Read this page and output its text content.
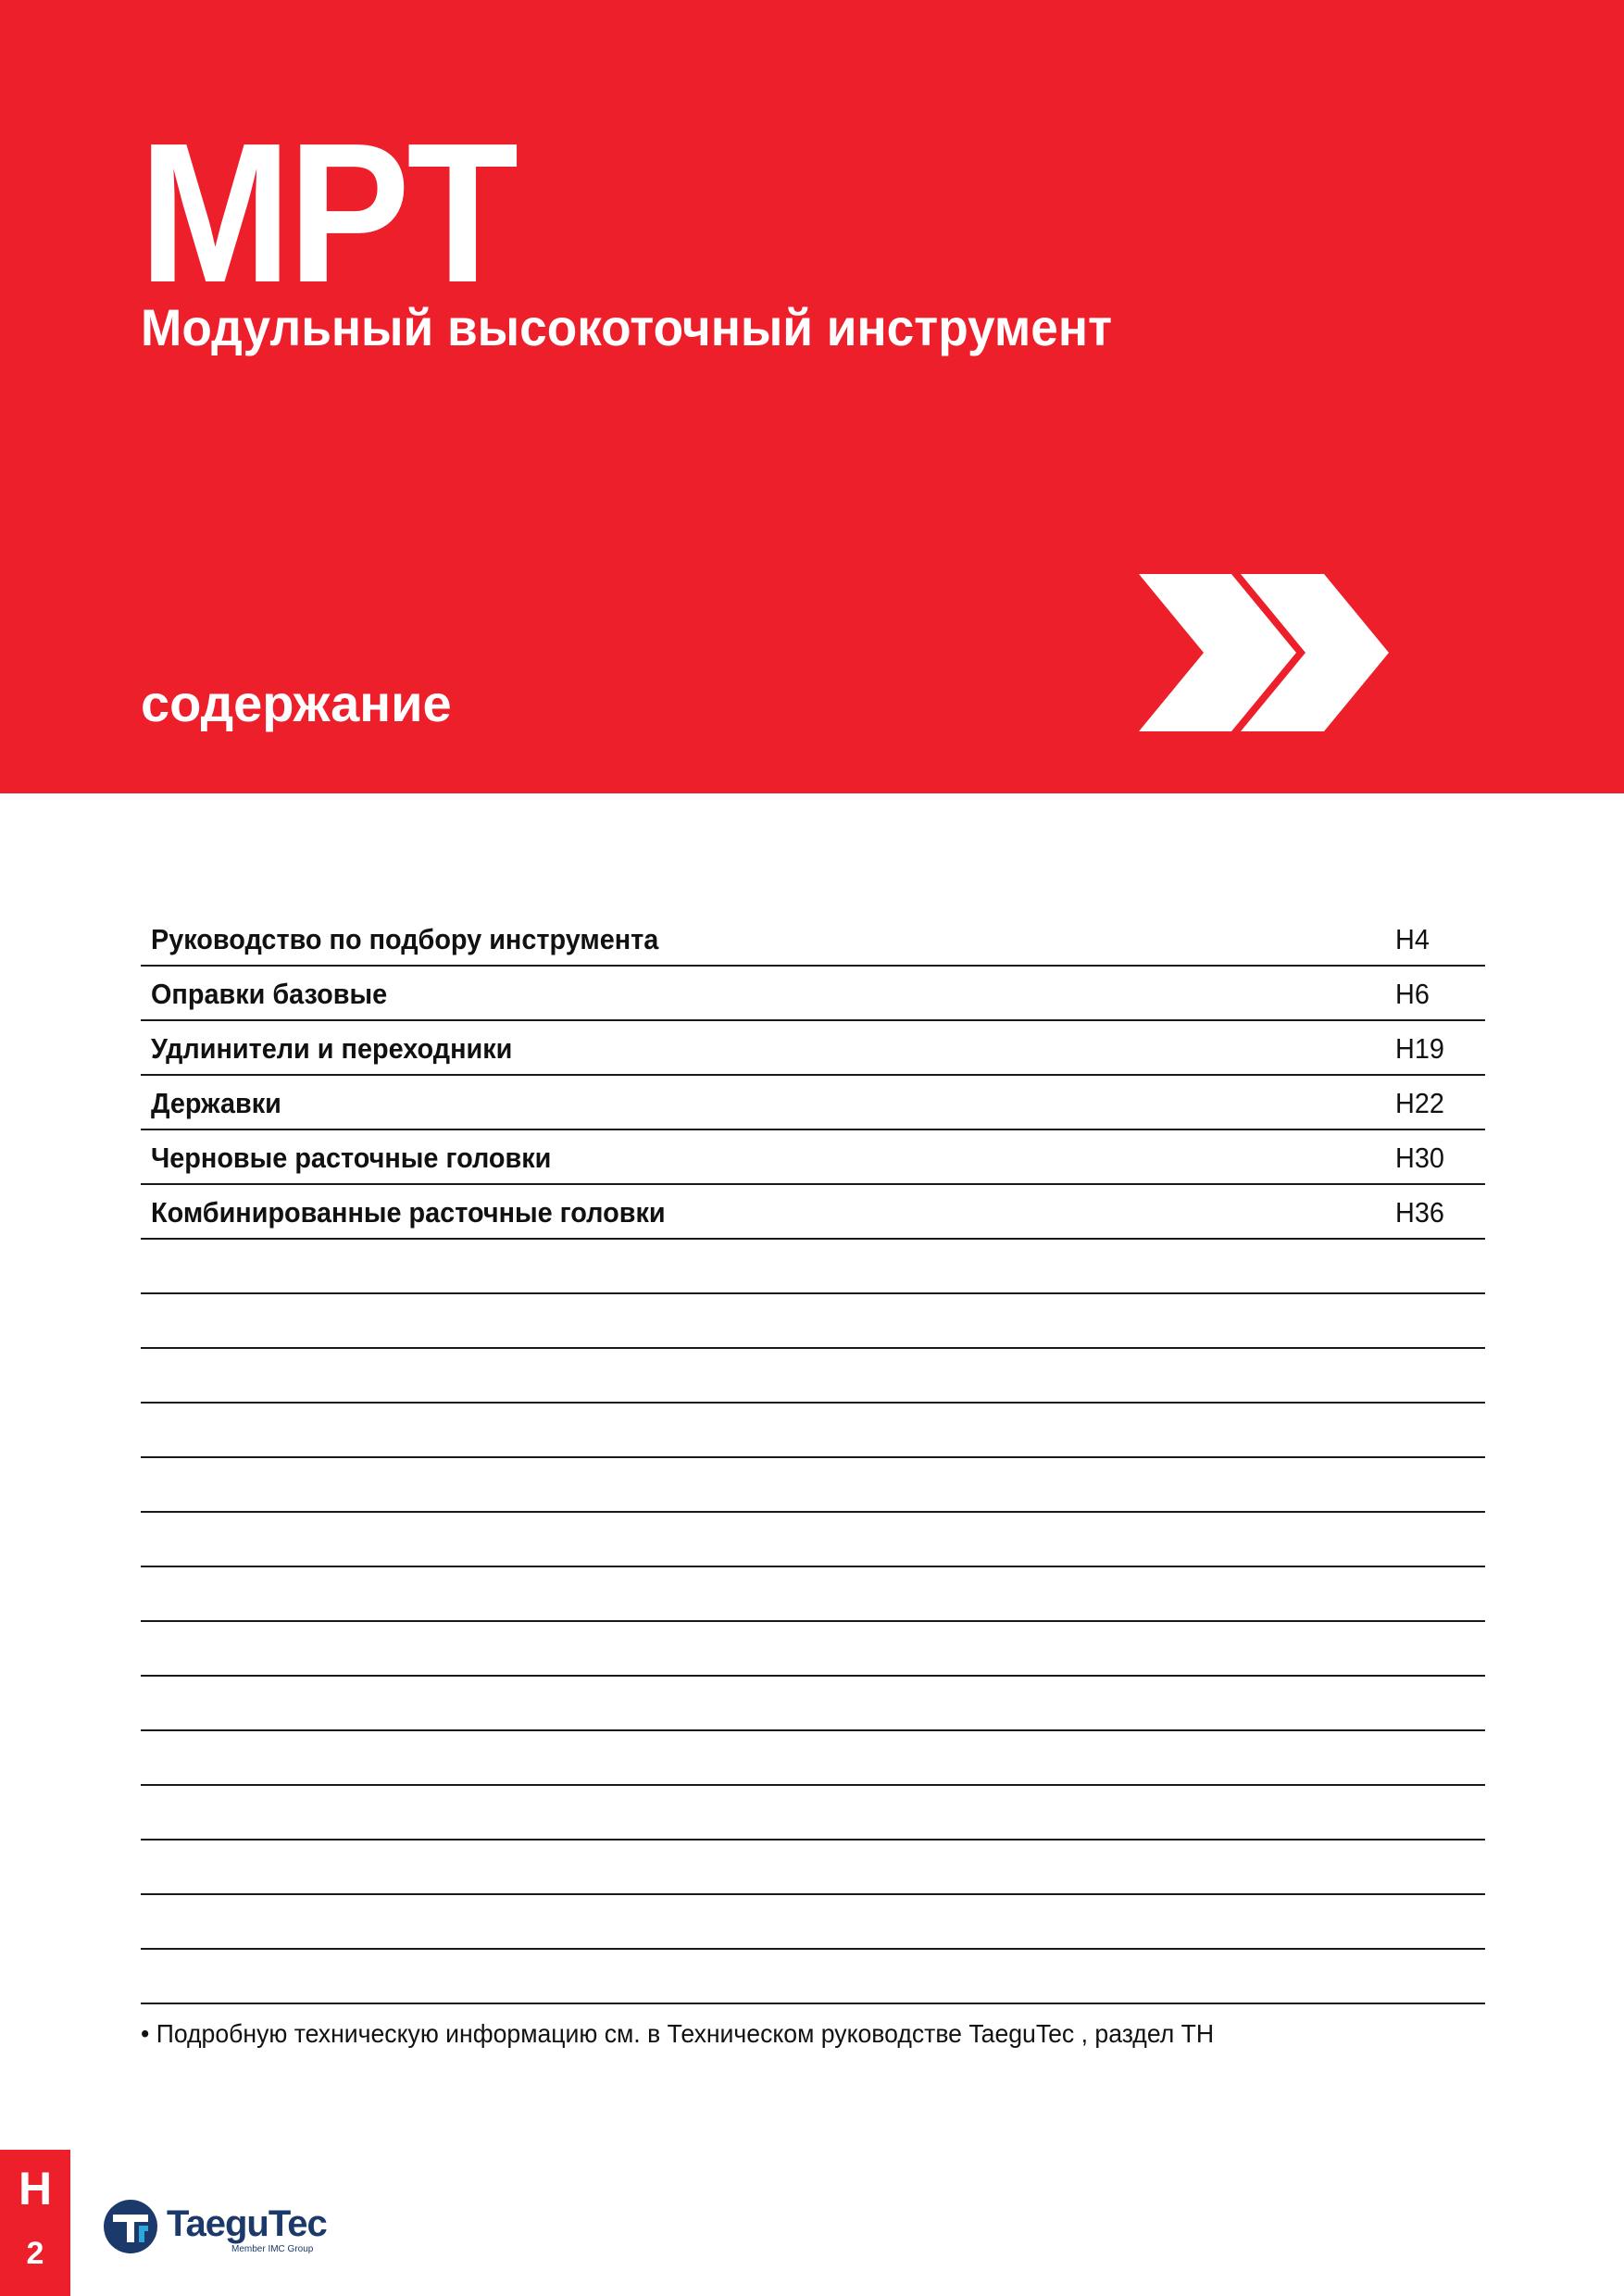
MPT
Модульный высокоточный инструмент
содержание
Руководство по подбору инструмента	H4
Оправки базовые	H6
Удлинители и переходники	H19
Державки	H22
Черновые расточные головки	H30
Комбинированные расточные головки	H36
• Подробную техническую информацию см. в Техническом руководстве TaeguTec , раздел TH
H
2
TaeguTec
Member IMC Group
